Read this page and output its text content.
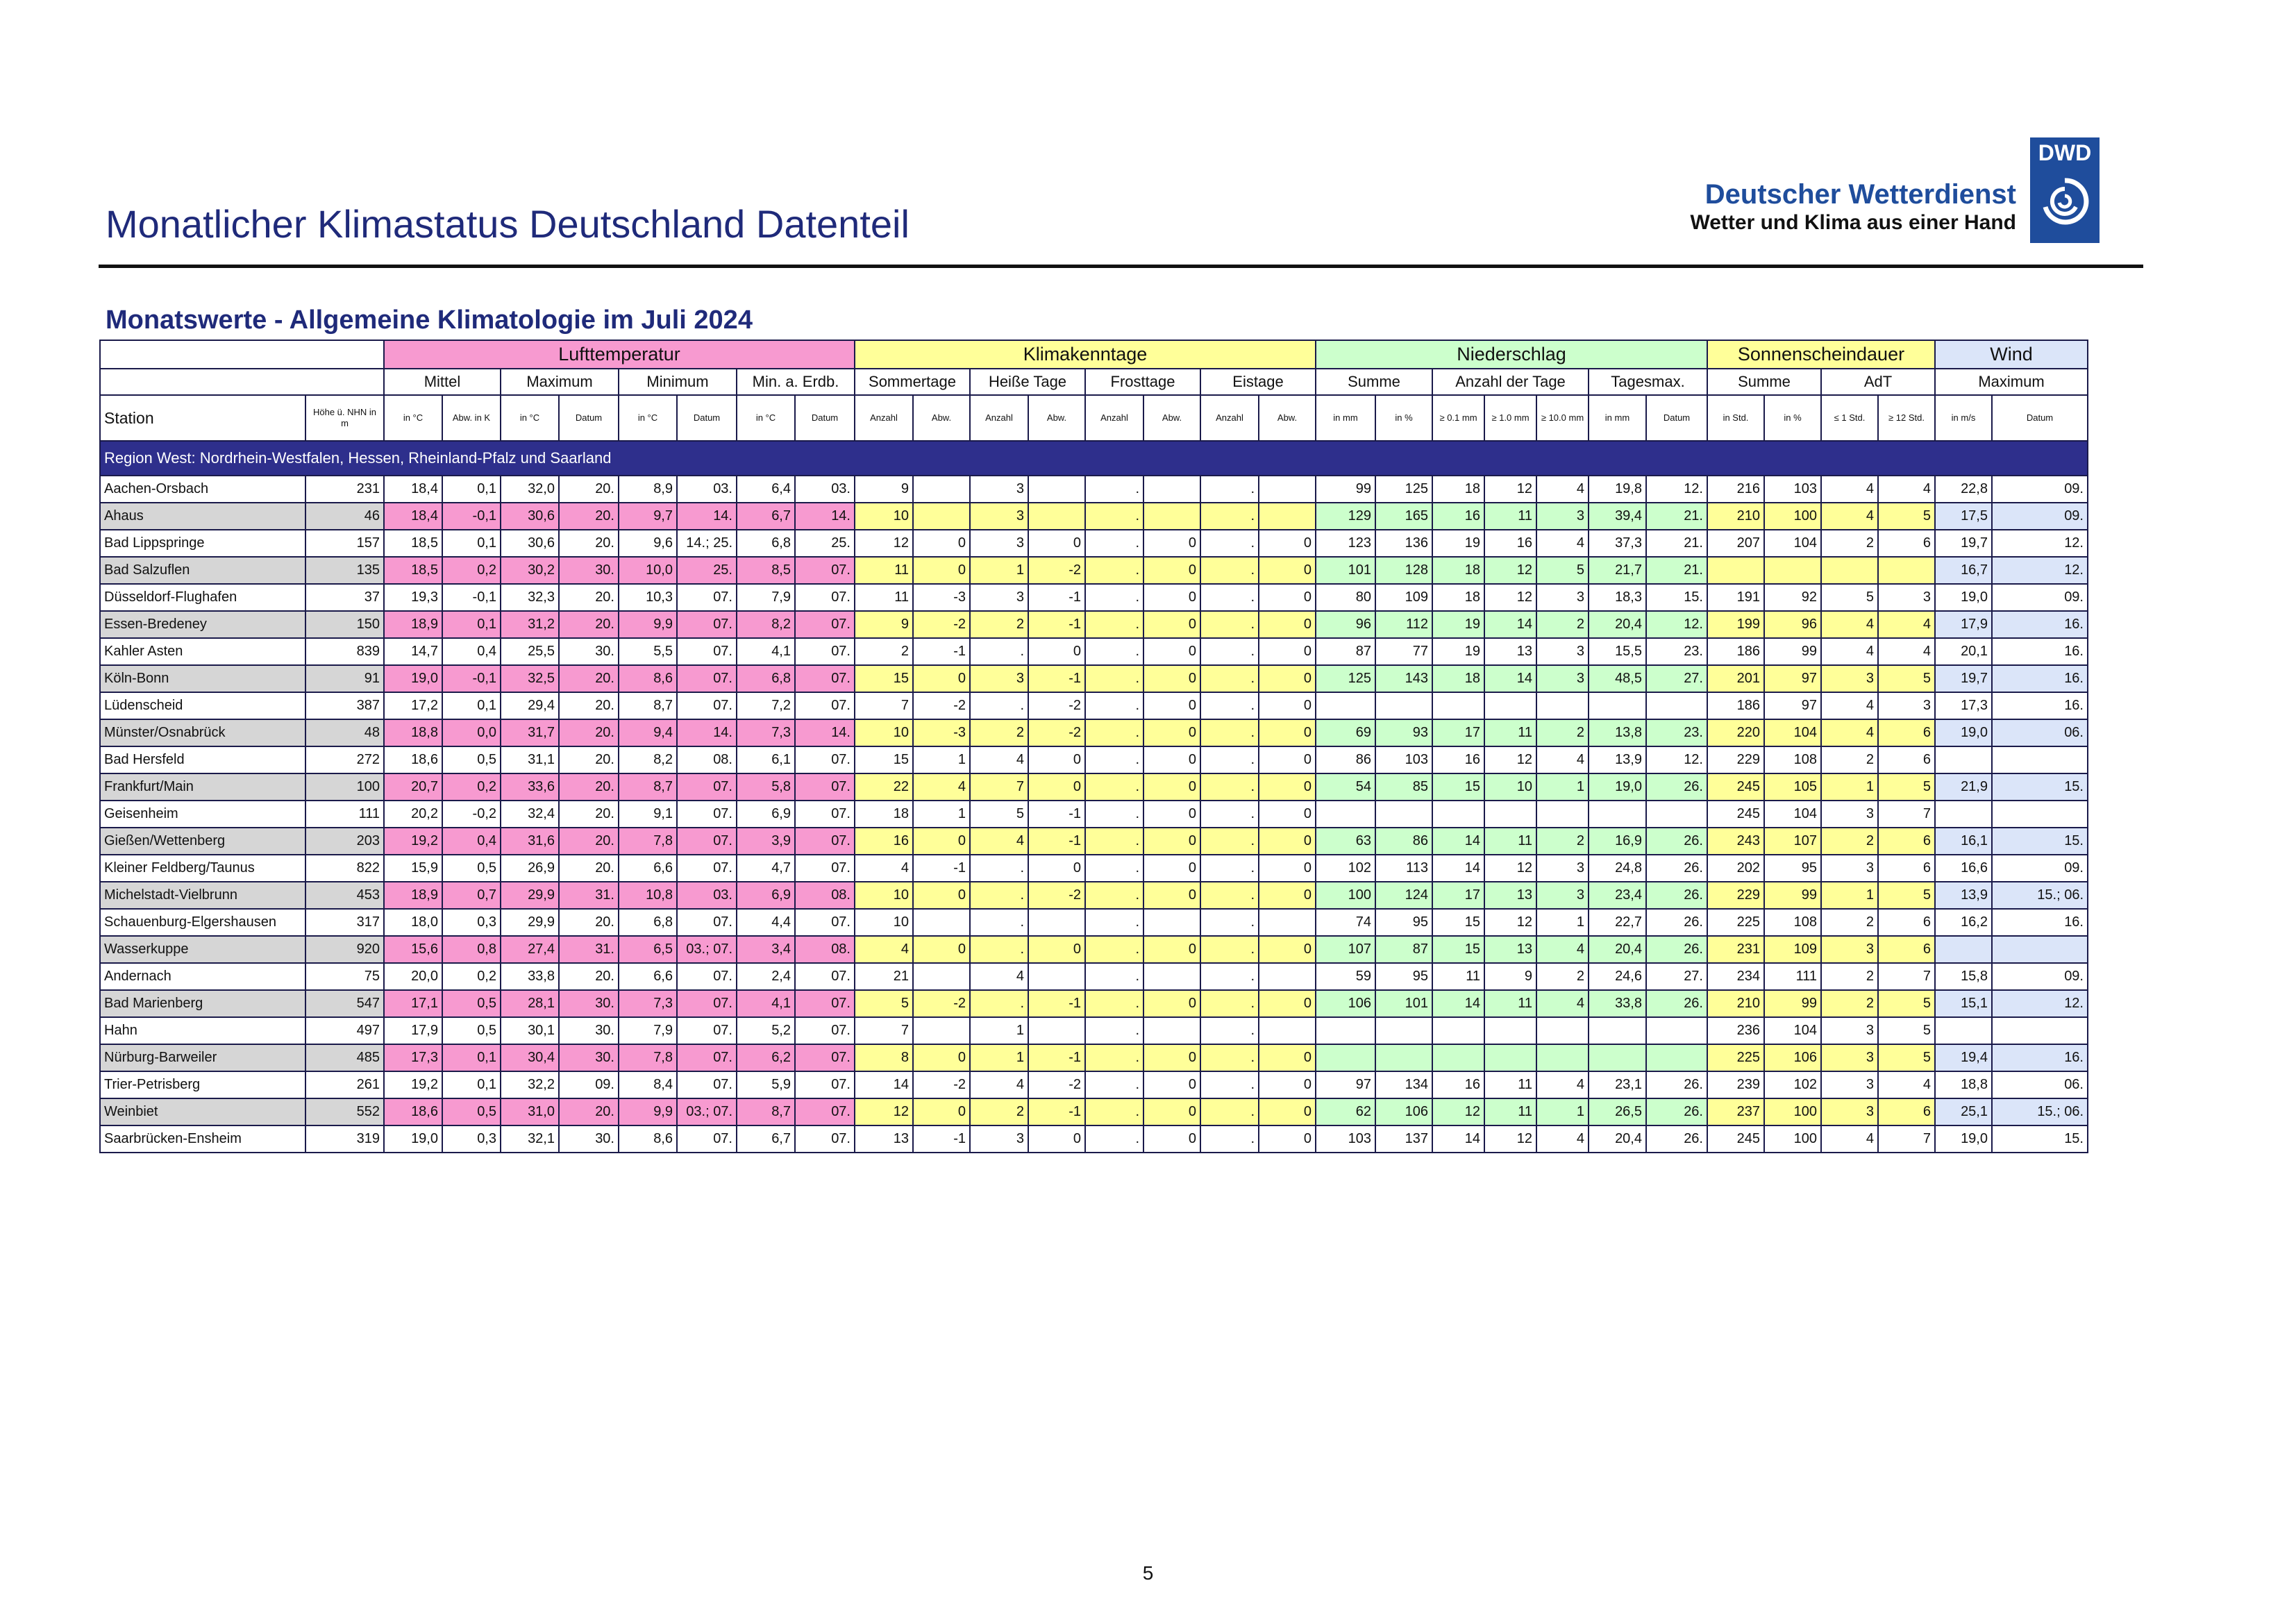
Monatlicher Klimastatus Deutschland Datenteil
Deutscher Wetterdienst
Wetter und Klima aus einer Hand
DWD
Monatswerte - Allgemeine Klimatologie im Juli 2024
		Lufttemperatur								Klimakenntage								Niederschlag							Sonnenscheindauer				Wind	
		Mittel		Maximum		Minimum		Min. a. Erdb.		Sommertage		Heiße Tage		Frosttage		Eistage		Summe		Anzahl der Tage			Tagesmax.		Summe		AdT		Maximum	
Station	Höhe ü. NHN in m	in °C	Abw. in K	in °C	Datum	in °C	Datum	in °C	Datum	Anzahl	Abw.	Anzahl	Abw.	Anzahl	Abw.	Anzahl	Abw.	in mm	in %	≥ 0.1 mm	≥ 1.0 mm	≥ 10.0 mm	in mm	Datum	in Std.	in %	≤ 1 Std.	≥ 12 Std.	in m/s	Datum
Region West: Nordrhein-Westfalen, Hessen, Rheinland-Pfalz und Saarland																														
Aachen-Orsbach	231	18,4	0,1	32,0	20.	8,9	03.	6,4	03.	9		3		.		.		99	125	18	12	4	19,8	12.	216	103	4	4	22,8	09.
Ahaus	46	18,4	-0,1	30,6	20.	9,7	14.	6,7	14.	10		3		.		.		129	165	16	11	3	39,4	21.	210	100	4	5	17,5	09.
Bad Lippspringe	157	18,5	0,1	30,6	20.	9,6	14.; 25.	6,8	25.	12	0	3	0	.	0	.	0	123	136	19	16	4	37,3	21.	207	104	2	6	19,7	12.
Bad Salzuflen	135	18,5	0,2	30,2	30.	10,0	25.	8,5	07.	11	0	1	-2	.	0	.	0	101	128	18	12	5	21,7	21.					16,7	12.
Düsseldorf-Flughafen	37	19,3	-0,1	32,3	20.	10,3	07.	7,9	07.	11	-3	3	-1	.	0	.	0	80	109	18	12	3	18,3	15.	191	92	5	3	19,0	09.
Essen-Bredeney	150	18,9	0,1	31,2	20.	9,9	07.	8,2	07.	9	-2	2	-1	.	0	.	0	96	112	19	14	2	20,4	12.	199	96	4	4	17,9	16.
Kahler Asten	839	14,7	0,4	25,5	30.	5,5	07.	4,1	07.	2	-1	.	0	.	0	.	0	87	77	19	13	3	15,5	23.	186	99	4	4	20,1	16.
Köln-Bonn	91	19,0	-0,1	32,5	20.	8,6	07.	6,8	07.	15	0	3	-1	.	0	.	0	125	143	18	14	3	48,5	27.	201	97	3	5	19,7	16.
Lüdenscheid	387	17,2	0,1	29,4	20.	8,7	07.	7,2	07.	7	-2	.	-2	.	0	.	0								186	97	4	3	17,3	16.
Münster/Osnabrück	48	18,8	0,0	31,7	20.	9,4	14.	7,3	14.	10	-3	2	-2	.	0	.	0	69	93	17	11	2	13,8	23.	220	104	4	6	19,0	06.
Bad Hersfeld	272	18,6	0,5	31,1	20.	8,2	08.	6,1	07.	15	1	4	0	.	0	.	0	86	103	16	12	4	13,9	12.	229	108	2	6		
Frankfurt/Main	100	20,7	0,2	33,6	20.	8,7	07.	5,8	07.	22	4	7	0	.	0	.	0	54	85	15	10	1	19,0	26.	245	105	1	5	21,9	15.
Geisenheim	111	20,2	-0,2	32,4	20.	9,1	07.	6,9	07.	18	1	5	-1	.	0	.	0								245	104	3	7		
Gießen/Wettenberg	203	19,2	0,4	31,6	20.	7,8	07.	3,9	07.	16	0	4	-1	.	0	.	0	63	86	14	11	2	16,9	26.	243	107	2	6	16,1	15.
Kleiner Feldberg/Taunus	822	15,9	0,5	26,9	20.	6,6	07.	4,7	07.	4	-1	.	0	.	0	.	0	102	113	14	12	3	24,8	26.	202	95	3	6	16,6	09.
Michelstadt-Vielbrunn	453	18,9	0,7	29,9	31.	10,8	03.	6,9	08.	10	0	.	-2	.	0	.	0	100	124	17	13	3	23,4	26.	229	99	1	5	13,9	15.; 06.
Schauenburg-Elgershausen	317	18,0	0,3	29,9	20.	6,8	07.	4,4	07.	10		.		.		.		74	95	15	12	1	22,7	26.	225	108	2	6	16,2	16.
Wasserkuppe	920	15,6	0,8	27,4	31.	6,5	03.; 07.	3,4	08.	4	0	.	0	.	0	.	0	107	87	15	13	4	20,4	26.	231	109	3	6		
Andernach	75	20,0	0,2	33,8	20.	6,6	07.	2,4	07.	21		4		.		.		59	95	11	9	2	24,6	27.	234	111	2	7	15,8	09.
Bad Marienberg	547	17,1	0,5	28,1	30.	7,3	07.	4,1	07.	5	-2	.	-1	.	0	.	0	106	101	14	11	4	33,8	26.	210	99	2	5	15,1	12.
Hahn	497	17,9	0,5	30,1	30.	7,9	07.	5,2	07.	7		1		.		.									236	104	3	5		
Nürburg-Barweiler	485	17,3	0,1	30,4	30.	7,8	07.	6,2	07.	8	0	1	-1	.	0	.	0								225	106	3	5	19,4	16.
Trier-Petrisberg	261	19,2	0,1	32,2	09.	8,4	07.	5,9	07.	14	-2	4	-2	.	0	.	0	97	134	16	11	4	23,1	26.	239	102	3	4	18,8	06.
Weinbiet	552	18,6	0,5	31,0	20.	9,9	03.; 07.	8,7	07.	12	0	2	-1	.	0	.	0	62	106	12	11	1	26,5	26.	237	100	3	6	25,1	15.; 06.
Saarbrücken-Ensheim	319	19,0	0,3	32,1	30.	8,6	07.	6,7	07.	13	-1	3	0	.	0	.	0	103	137	14	12	4	20,4	26.	245	100	4	7	19,0	15.
5
